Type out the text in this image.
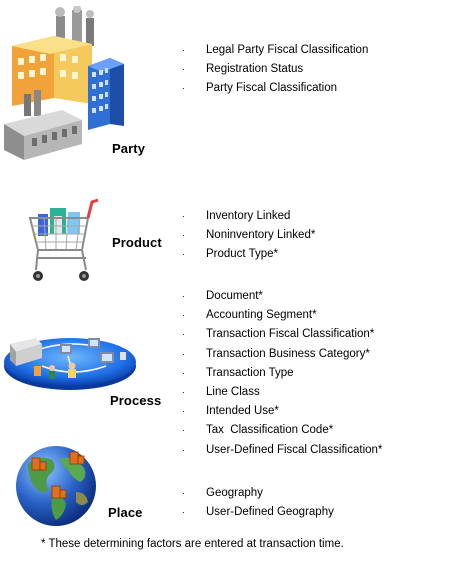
Party
· Legal Party Fiscal Classification
· Registration Status
· Party Fiscal Classification
Product
· Inventory Linked
· Noninventory Linked*
· Product Type*
Process
· Document*
· Accounting Segment*
· Transaction Fiscal Classification*
· Transaction Business Category*
· Transaction Type
· Line Class
· Intended Use*
· Tax  Classification Code*
· User-Defined Fiscal Classification*
Place
· Geography
· User-Defined Geography
* These determining factors are entered at transaction time.
